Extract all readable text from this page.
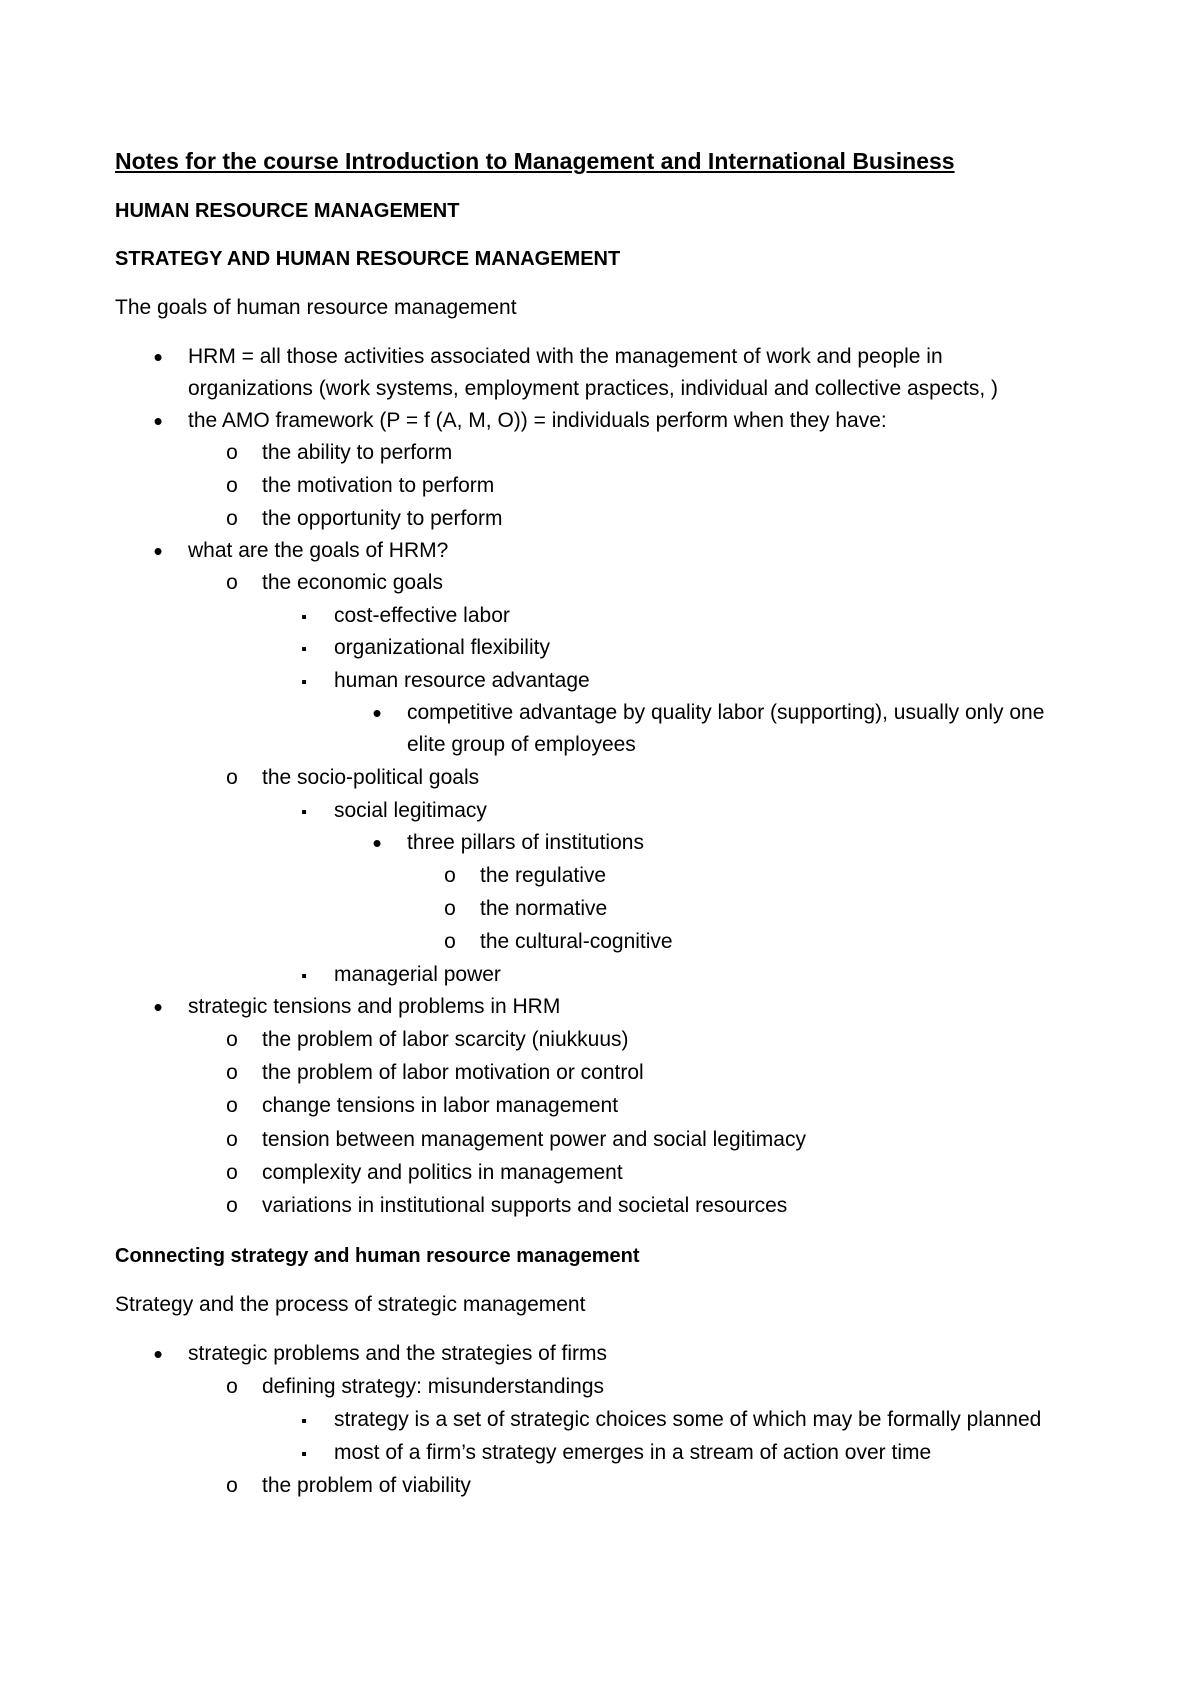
Notes for the course Introduction to Management and International Business
HUMAN RESOURCE MANAGEMENT
STRATEGY AND HUMAN RESOURCE MANAGEMENT
The goals of human resource management
•
HRM = all those activities associated with the management of work and people in
organizations (work systems, employment practices, individual and collective aspects, )
•
the AMO framework (P = f (A, M, O)) = individuals perform when they have:
o
the ability to perform
o
the motivation to perform
o
the opportunity to perform
•
what are the goals of HRM?
o
the economic goals
▪
cost-effective labor
▪
organizational flexibility
▪
human resource advantage
•
competitive advantage by quality labor (supporting), usually only one
elite group of employees
o
the socio-political goals
▪
social legitimacy
•
three pillars of institutions
o
the regulative
o
the normative
o
the cultural-cognitive
▪
managerial power
•
strategic tensions and problems in HRM
o
the problem of labor scarcity (niukkuus)
o
the problem of labor motivation or control
o
change tensions in labor management
o
tension between management power and social legitimacy
o
complexity and politics in management
o
variations in institutional supports and societal resources
Connecting strategy and human resource management
Strategy and the process of strategic management
•
strategic problems and the strategies of firms
o
defining strategy: misunderstandings
▪
strategy is a set of strategic choices some of which may be formally planned
▪
most of a firm’s strategy emerges in a stream of action over time
o
the problem of viability
